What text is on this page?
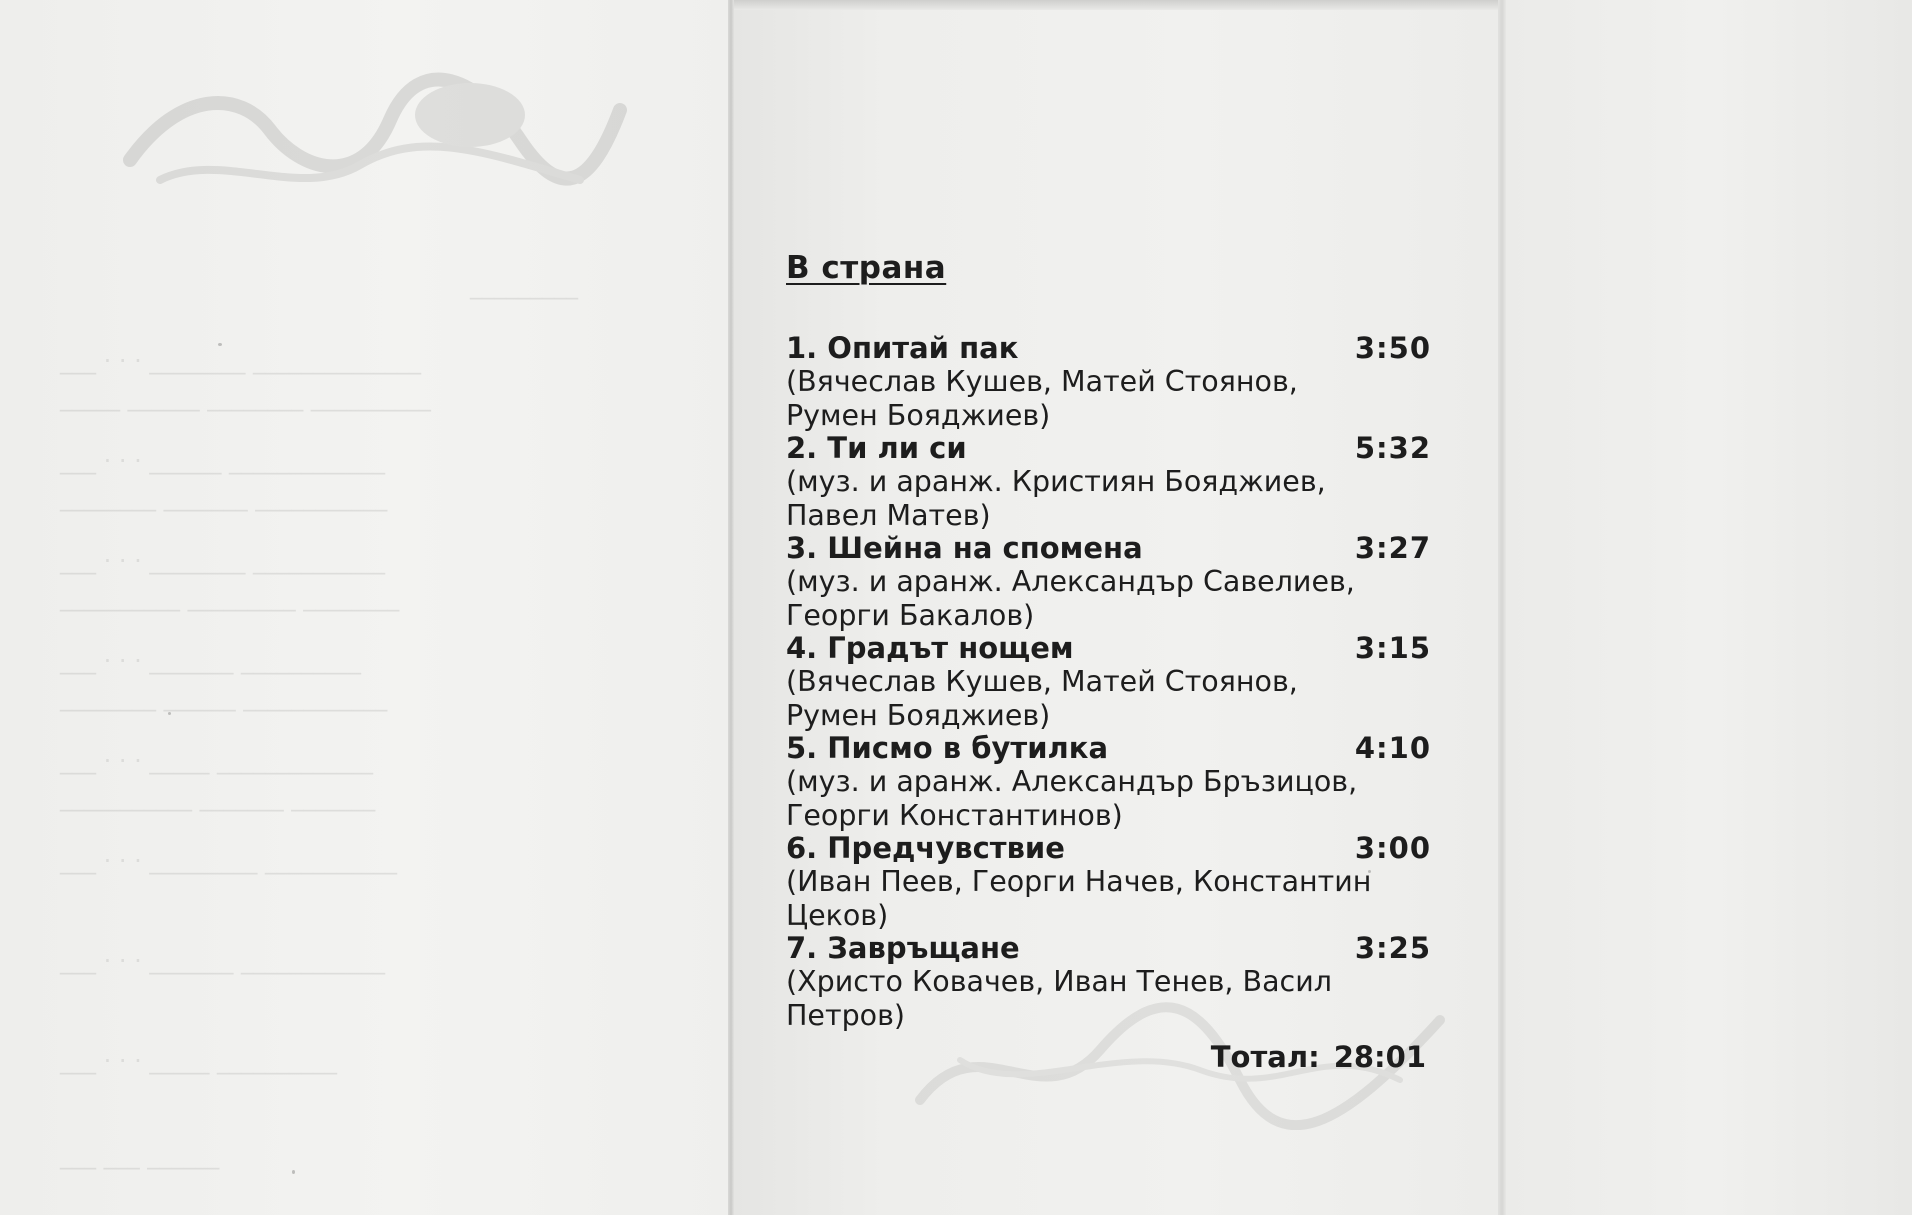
_________
______________ ________ · · · ___
__________ ________ ______ _____
_____________ ______ · · · ___
___________ _______ ________
___________ ________ · · · ___
________ _________ __________
__________ _______ · · · ___
____________ ______ ________
_____________ _____ · · · ___
_______ _______ ___________
___________ _________ · · · ___
____________ _______ · · · ___
__________ _____ · · · ___
______ ___ ___
В страна
1. Опитай пак	3:50
(Вячеслав Кушев, Матей Стоянов,
Румен Бояджиев)
2. Ти ли си	5:32
(муз. и аранж. Кристиян Бояджиев,
Павел Матев)
3. Шейна на спомена	3:27
(муз. и аранж. Александър Савелиев,
Георги Бакалов)
4. Градът нощем	3:15
(Вячеслав Кушев, Матей Стоянов,
Румен Бояджиев)
5. Писмо в бутилка	4:10
(муз. и аранж. Александър Бръзицов,
Георги Константинов)
6. Предчувствие	3:00
(Иван Пеев, Георги Начев, Константин
Цеков)
7. Завръщане	3:25
(Христо Ковачев, Иван Тенев, Васил
Петров)
Тотал: 28:01
